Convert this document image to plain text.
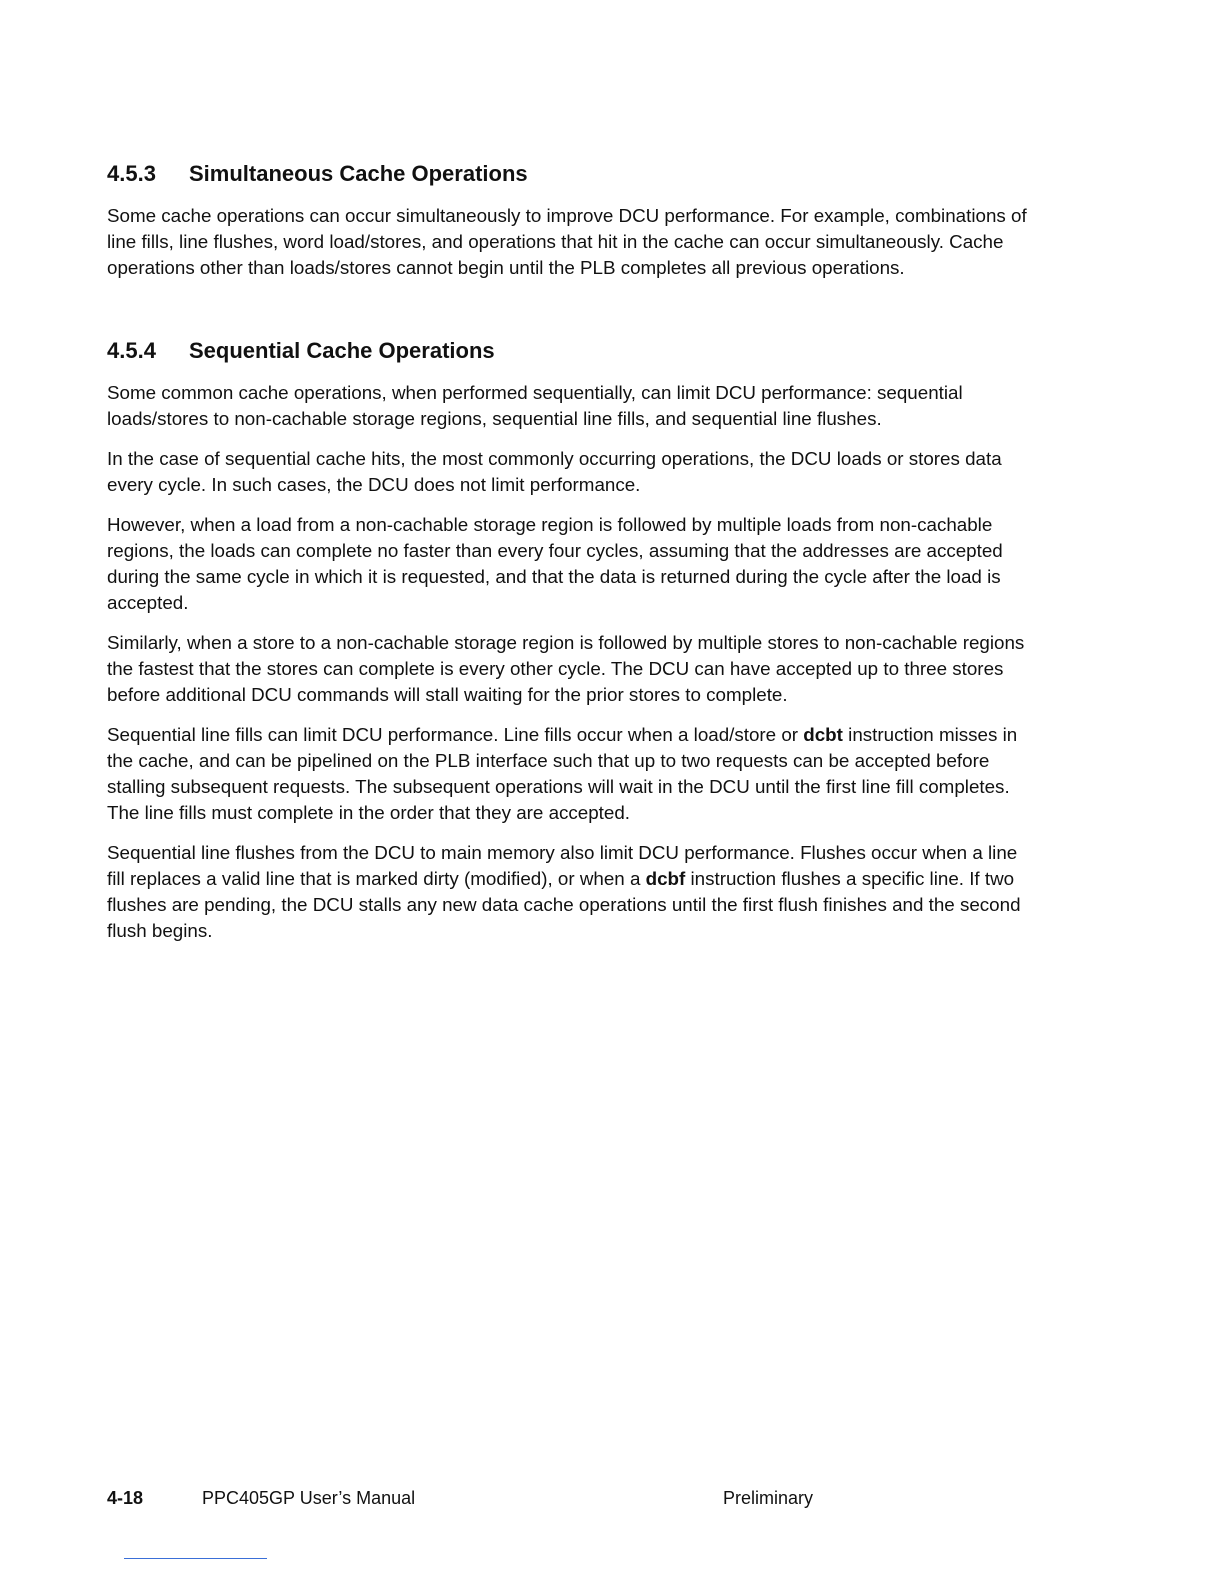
4.5.3 Simultaneous Cache Operations

Some cache operations can occur simultaneously to improve DCU performance. For example, combinations of line fills, line flushes, word load/stores, and operations that hit in the cache can occur simultaneously. Cache operations other than loads/stores cannot begin until the PLB completes all previous operations.

4.5.4 Sequential Cache Operations

Some common cache operations, when performed sequentially, can limit DCU performance: sequential loads/stores to non-cachable storage regions, sequential line fills, and sequential line flushes.

In the case of sequential cache hits, the most commonly occurring operations, the DCU loads or stores data every cycle. In such cases, the DCU does not limit performance.

However, when a load from a non-cachable storage region is followed by multiple loads from non-cachable regions, the loads can complete no faster than every four cycles, assuming that the addresses are accepted during the same cycle in which it is requested, and that the data is returned during the cycle after the load is accepted.

Similarly, when a store to a non-cachable storage region is followed by multiple stores to non-cachable regions the fastest that the stores can complete is every other cycle. The DCU can have accepted up to three stores before additional DCU commands will stall waiting for the prior stores to complete.

Sequential line fills can limit DCU performance. Line fills occur when a load/store or dcbt instruction misses in the cache, and can be pipelined on the PLB interface such that up to two requests can be accepted before stalling subsequent requests. The subsequent operations will wait in the DCU until the first line fill completes. The line fills must complete in the order that they are accepted.

Sequential line flushes from the DCU to main memory also limit DCU performance. Flushes occur when a line fill replaces a valid line that is marked dirty (modified), or when a dcbf instruction flushes a specific line. If two flushes are pending, the DCU stalls any new data cache operations until the first flush finishes and the second flush begins.

4-18	PPC405GP User’s Manual	Preliminary
